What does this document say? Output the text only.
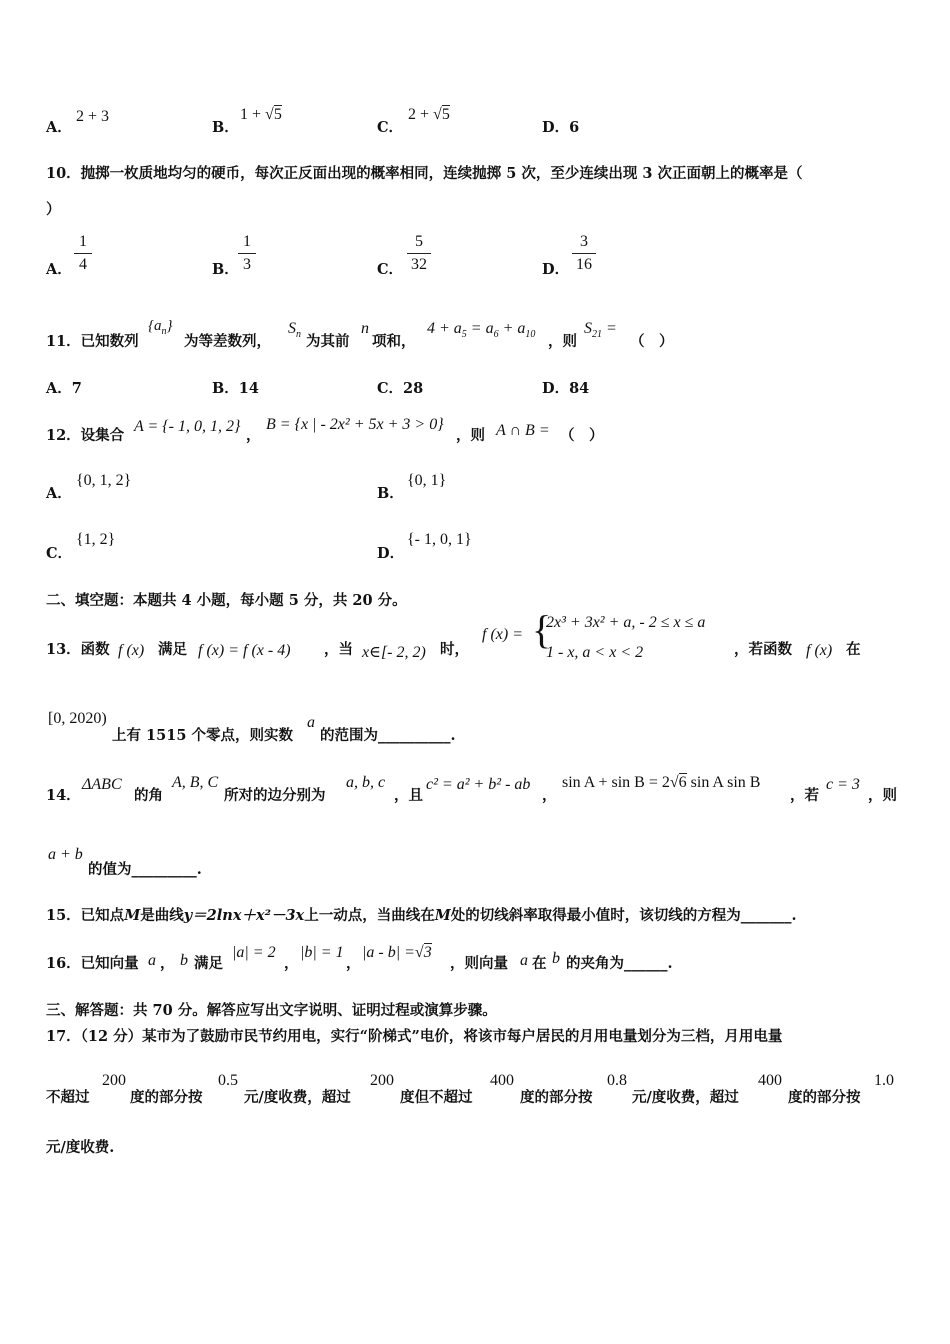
A．
2 + 3
B．
1 + √5
C．
2 + √5
D．6
10．抛掷一枚质地均匀的硬币，每次正反面出现的概率相同，连续抛掷 5 次，至少连续出现 3 次正面朝上的概率是（
）
A．
1
4	B．
1
3	C．
5
32	D．
3
16
11．已知数列
$\{a_n\}$
为等差数列，
$S_n$ 为其前
n
项和，
$4 + a_5 = a_6 + a_{10}$ ，则
$S_{21}$ =
（　）
A．7	B．14	C．28	D．84
12．设集合
A = {- 1, 0, 1, 2}
，
B = {x | - 2x² + 5x + 3 > 0}
，则 A ∩ B = （　）
A．
{0, 1, 2}
B．
{0, 1}
C．
{1, 2}
D．
{- 1, 0, 1}
二、填空题：本题共 4 小题，每小题 5 分，共 20 分。
13．函数 f (x) 满足 f (x) = f (x - 4) ，当 x∈[- 2, 2) 时，
f (x) = {
2x³ + 3x² + a, - 2 ≤ x ≤ a
1 - x, a < x < 2	，若函数 f (x) 在
[0, 2020)
上有 1515 个零点，则实数
a
的范围为__________.
14．
ΔABC
的角
A, B, C
所对的边分别为
a, b, c
，且
c² = a² + b² - ab
，
sin A + sin B = 2√6 sin A sin B
，若
c = 3
，则
a + b
的值为_________.
15．已知点M是曲线y＝2lnx＋x²－3x上一动点，当曲线在M处的切线斜率取得最小值时，该切线的方程为_______.
16．已知向量 a ， b 满足
|a| = 2
，
|b| = 1
，
|a - b| =√3
，则向量 a 在 b 的夹角为______.
三、解答题：共 70 分。解答应写出文字说明、证明过程或演算步骤。
17．（12 分）某市为了鼓励市民节约用电，实行“阶梯式”电价，将该市每户居民的月用电量划分为三档，月用电量
不超过
200
度的部分按
0.5
元/度收费，超过
200
度但不超过
400
度的部分按
0.8
元/度收费，超过
400
度的部分按
1.0
元/度收费.
